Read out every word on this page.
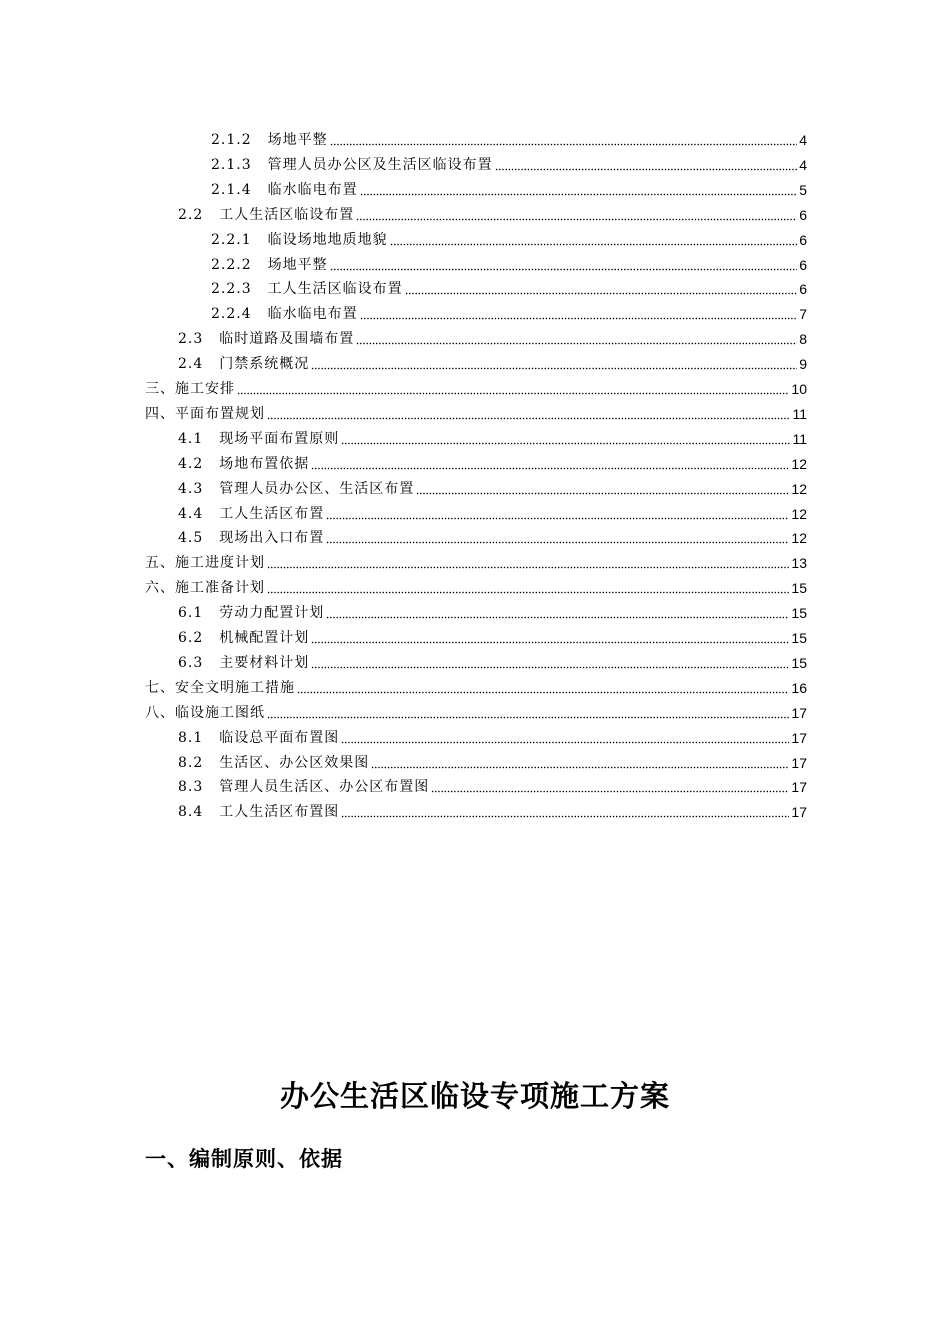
2.1.2 场地平整	4
2.1.3 管理人员办公区及生活区临设布置	4
2.1.4 临水临电布置	5
2.2 工人生活区临设布置	6
2.2.1 临设场地地质地貌	6
2.2.2 场地平整	6
2.2.3 工人生活区临设布置	6
2.2.4 临水临电布置	7
2.3 临时道路及围墙布置	8
2.4 门禁系统概况	9
三、施工安排	10
四、平面布置规划	11
4.1 现场平面布置原则	11
4.2 场地布置依据	12
4.3 管理人员办公区、生活区布置	12
4.4 工人生活区布置	12
4.5 现场出入口布置	12
五、施工进度计划	13
六、施工准备计划	15
6.1 劳动力配置计划	15
6.2 机械配置计划	15
6.3 主要材料计划	15
七、安全文明施工措施	16
八、临设施工图纸	17
8.1 临设总平面布置图	17
8.2 生活区、办公区效果图	17
8.3 管理人员生活区、办公区布置图	17
8.4 工人生活区布置图	17
办公生活区临设专项施工方案
一、编制原则、依据
